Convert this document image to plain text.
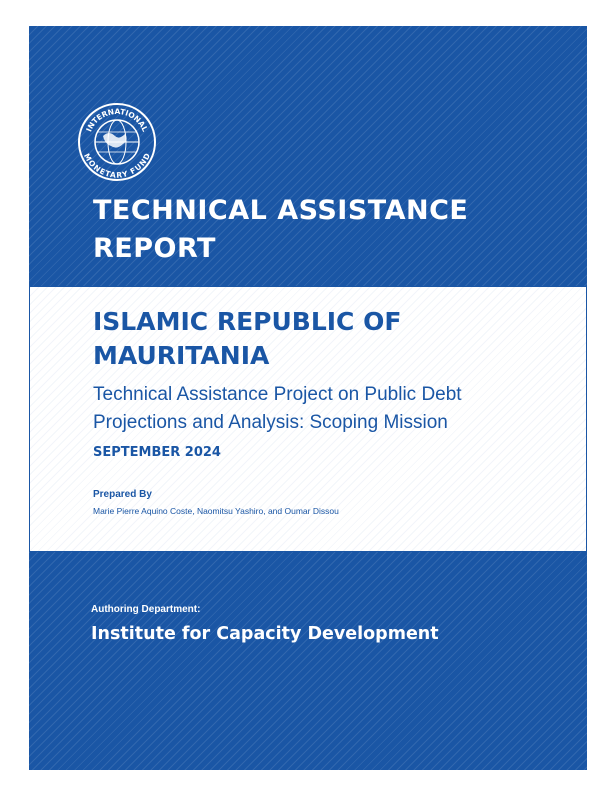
INTERNATIONAL
MONETARY FUND
TECHNICAL ASSISTANCE
REPORT
ISLAMIC REPUBLIC OF
MAURITANIA
Technical Assistance Project on Public Debt
Projections and Analysis: Scoping Mission
SEPTEMBER 2024
Prepared By
Marie Pierre Aquino Coste, Naomitsu Yashiro, and Oumar Dissou
Authoring Department:
Institute for Capacity Development
